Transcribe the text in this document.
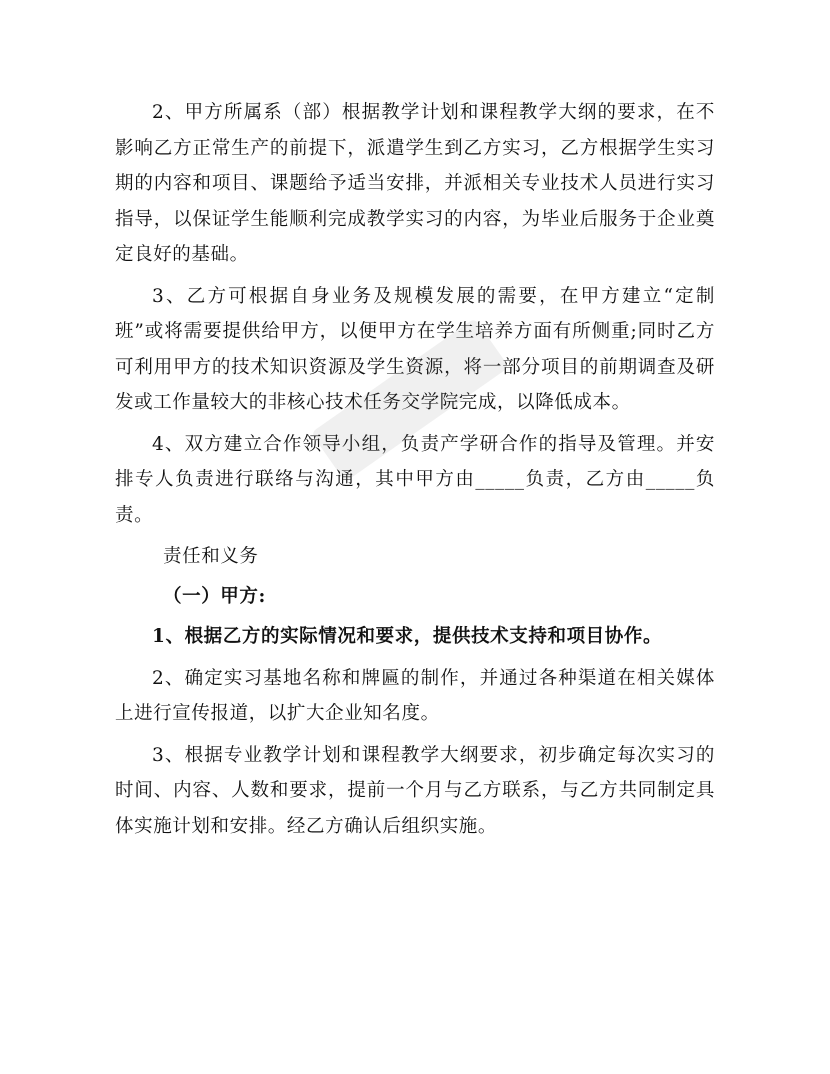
2、甲方所属系（部）根据教学计划和课程教学大纲的要求，在不影响乙方正常生产的前提下，派遣学生到乙方实习，乙方根据学生实习期的内容和项目、课题给予适当安排，并派相关专业技术人员进行实习指导，以保证学生能顺利完成教学实习的内容，为毕业后服务于企业奠定良好的基础。

3、乙方可根据自身业务及规模发展的需要，在甲方建立“定制班”或将需要提供给甲方，以便甲方在学生培养方面有所侧重;同时乙方可利用甲方的技术知识资源及学生资源，将一部分项目的前期调查及研发或工作量较大的非核心技术任务交学院完成，以降低成本。

4、双方建立合作领导小组，负责产学研合作的指导及管理。并安排专人负责进行联络与沟通，其中甲方由_____负责，乙方由_____负责。

责任和义务

（一）甲方:

1、根据乙方的实际情况和要求，提供技术支持和项目协作。

2、确定实习基地名称和牌匾的制作，并通过各种渠道在相关媒体上进行宣传报道，以扩大企业知名度。

3、根据专业教学计划和课程教学大纲要求，初步确定每次实习的时间、内容、人数和要求，提前一个月与乙方联系，与乙方共同制定具体实施计划和安排。经乙方确认后组织实施。
